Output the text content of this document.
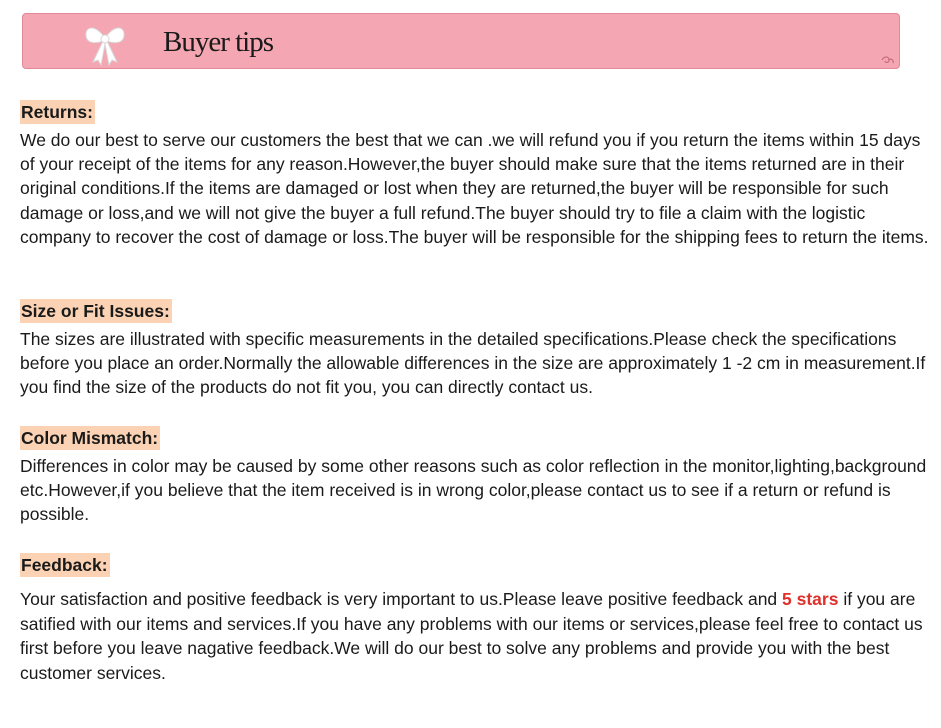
Buyer tips
Returns:

We do our best to serve our customers the best that we can .we will refund you if you return the items within 15 days of your receipt of the items for any reason.However,the buyer should make sure that the items returned are in their original conditions.If the items are damaged or lost when they are returned,the buyer will be responsible for such damage or loss,and we will not give the buyer a full refund.The buyer should try to file a claim with the logistic company to recover the cost of damage or loss.The buyer will be responsible for the shipping fees to return the items.

Size or Fit Issues:

The sizes are illustrated with specific measurements in the detailed specifications.Please check the specifications before you place an order.Normally the allowable differences in the size are approximately 1 -2 cm in measurement.If you find the size of the products do not fit you, you can directly contact us.

Color Mismatch:

Differences in color may be caused by some other reasons such as color reflection in the monitor,lighting,background etc.However,if you believe that the item received is in wrong color,please contact us to see if a return or refund is possible.

Feedback:

Your satisfaction and positive feedback is very important to us.Please leave positive feedback and 5 stars if you are satified with our items and services.If you have any problems with our items or services,please feel free to contact us first before you leave nagative feedback.We will do our best to solve any problems and provide you with the best customer services.
